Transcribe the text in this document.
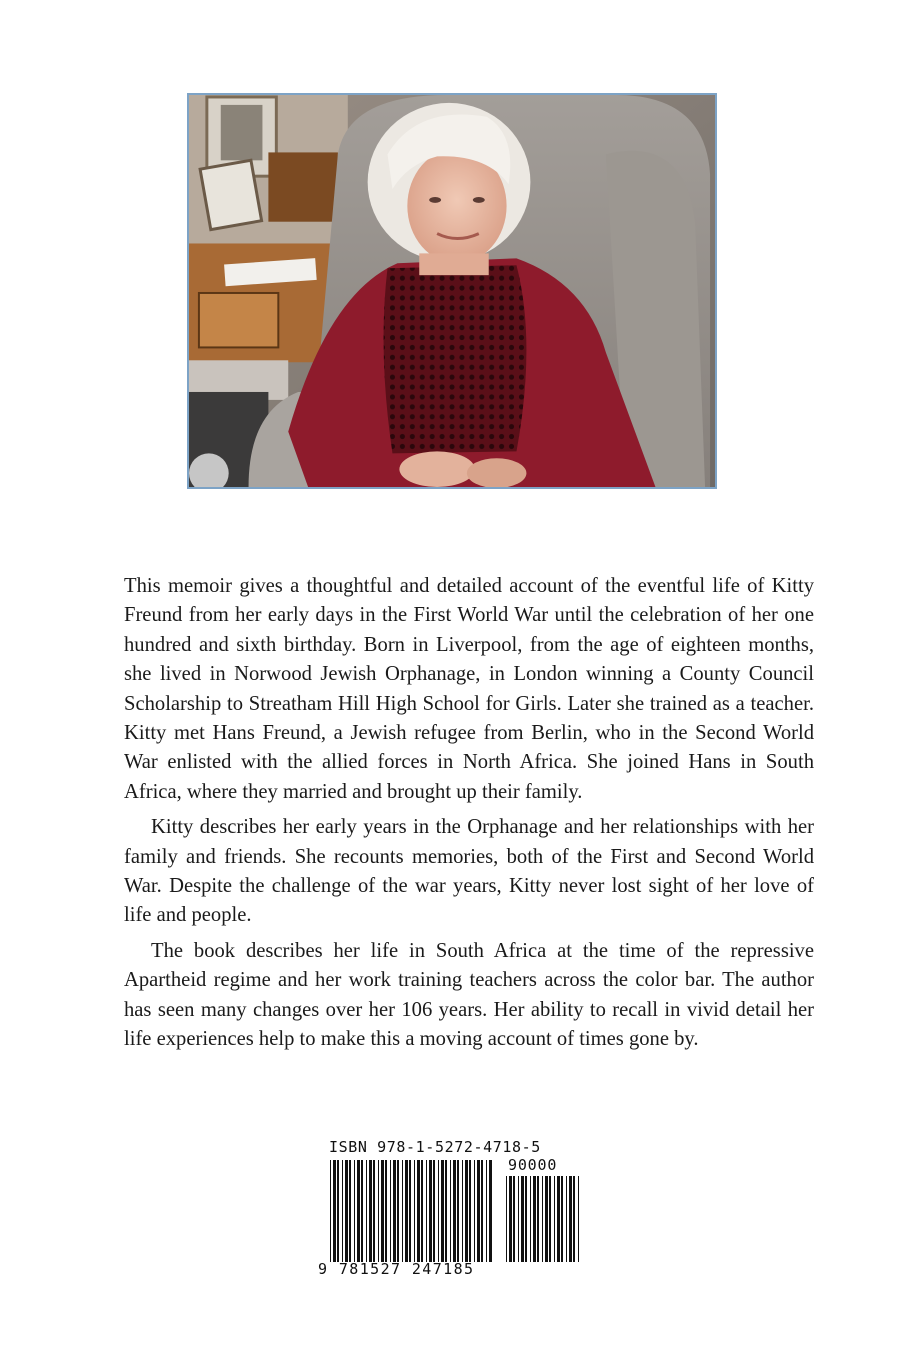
This memoir gives a thoughtful and detailed account of the eventful life of Kitty Freund from her early days in the First World War until the celebration of her one hundred and sixth birthday. Born in Liverpool, from the age of eighteen months, she lived in Norwood Jewish Orphanage, in London winning a County Council Scholarship to Streatham Hill High School for Girls. Later she trained as a teacher. Kitty met Hans Freund, a Jewish refugee from Berlin, who in the Second World War enlisted with the allied forces in North Africa. She joined Hans in South Africa, where they married and brought up their family.

Kitty describes her early years in the Orphanage and her relationships with her family and friends. She recounts memories, both of the First and Second World War. Despite the challenge of the war years, Kitty never lost sight of her love of life and people.

The book describes her life in South Africa at the time of the repressive Apartheid regime and her work training teachers across the color bar. The author has seen many changes over her 106 years. Her ability to recall in vivid detail her life experiences help to make this a moving account of times gone by.

ISBN 978-1-5272-4718-5
90000
9 781527 247185
